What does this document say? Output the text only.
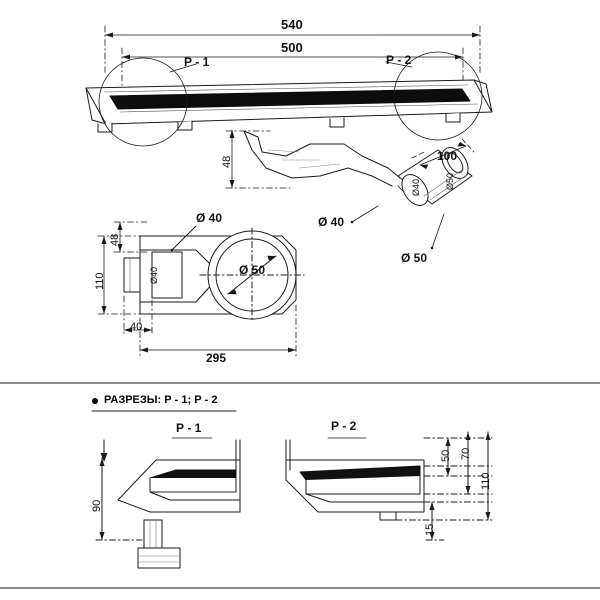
540
500
Р - 1	Р - 2
48	100
Ø40	Ø50
Ø 40
Ø 50
Ø 40
Ø40	Ø 50
48
110
40
295
РАЗРЕЗЫ: Р - 1; Р - 2
Р - 1	Р - 2
90
50 70
110
15
